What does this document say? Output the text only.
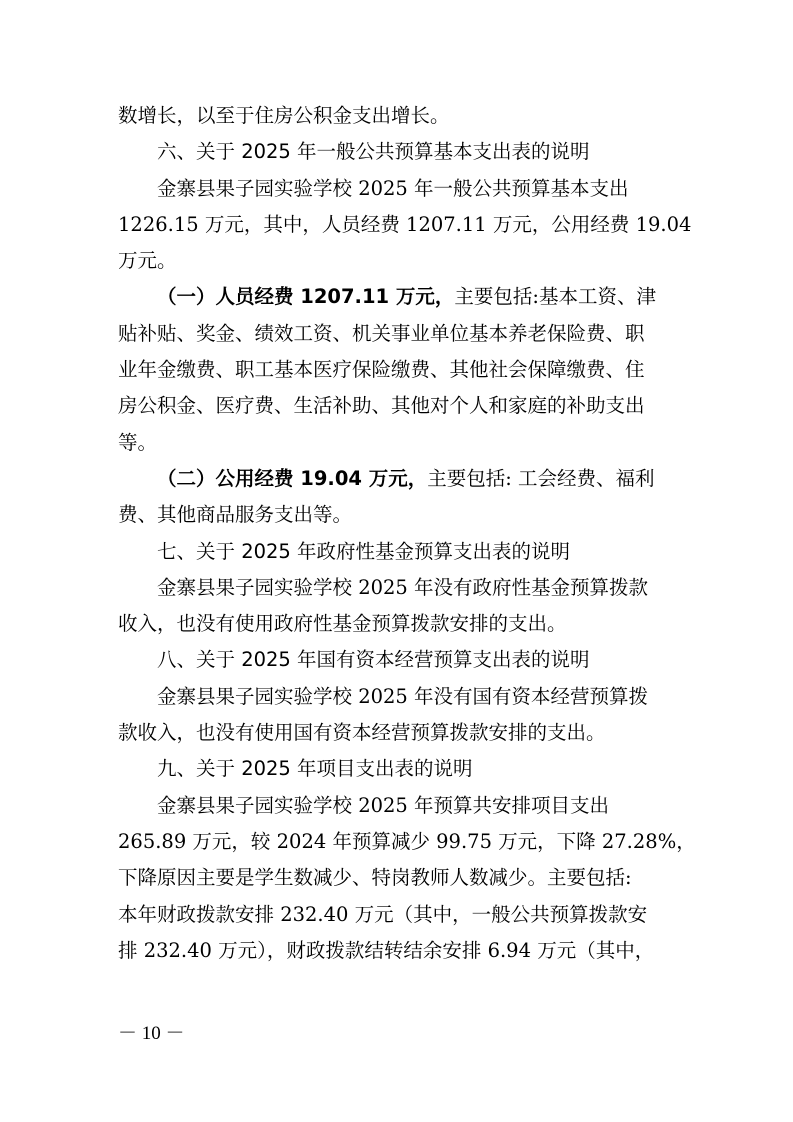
数增长，以至于住房公积金支出增长。

六、关于 2025 年一般公共预算基本支出表的说明

金寨县果子园实验学校 2025 年一般公共预算基本支出

1226.15 万元，其中，人员经费 1207.11 万元，公用经费 19.04

万元。

（一）人员经费 1207.11 万元，主要包括:基本工资、津

贴补贴、奖金、绩效工资、机关事业单位基本养老保险费、职

业年金缴费、职工基本医疗保险缴费、其他社会保障缴费、住

房公积金、医疗费、生活补助、其他对个人和家庭的补助支出

等。

（二）公用经费 19.04 万元，主要包括: 工会经费、福利

费、其他商品服务支出等。

七、关于 2025 年政府性基金预算支出表的说明

金寨县果子园实验学校 2025 年没有政府性基金预算拨款

收入，也没有使用政府性基金预算拨款安排的支出。

八、关于 2025 年国有资本经营预算支出表的说明

金寨县果子园实验学校 2025 年没有国有资本经营预算拨

款收入，也没有使用国有资本经营预算拨款安排的支出。

九、关于 2025 年项目支出表的说明

金寨县果子园实验学校 2025 年预算共安排项目支出

265.89 万元，较 2024 年预算减少 99.75 万元，下降 27.28%，

下降原因主要是学生数减少、特岗教师人数减少。主要包括:

本年财政拨款安排 232.40 万元（其中，一般公共预算拨款安

排 232.40 万元），财政拨款结转结余安排 6.94 万元（其中，

－ 10 －
